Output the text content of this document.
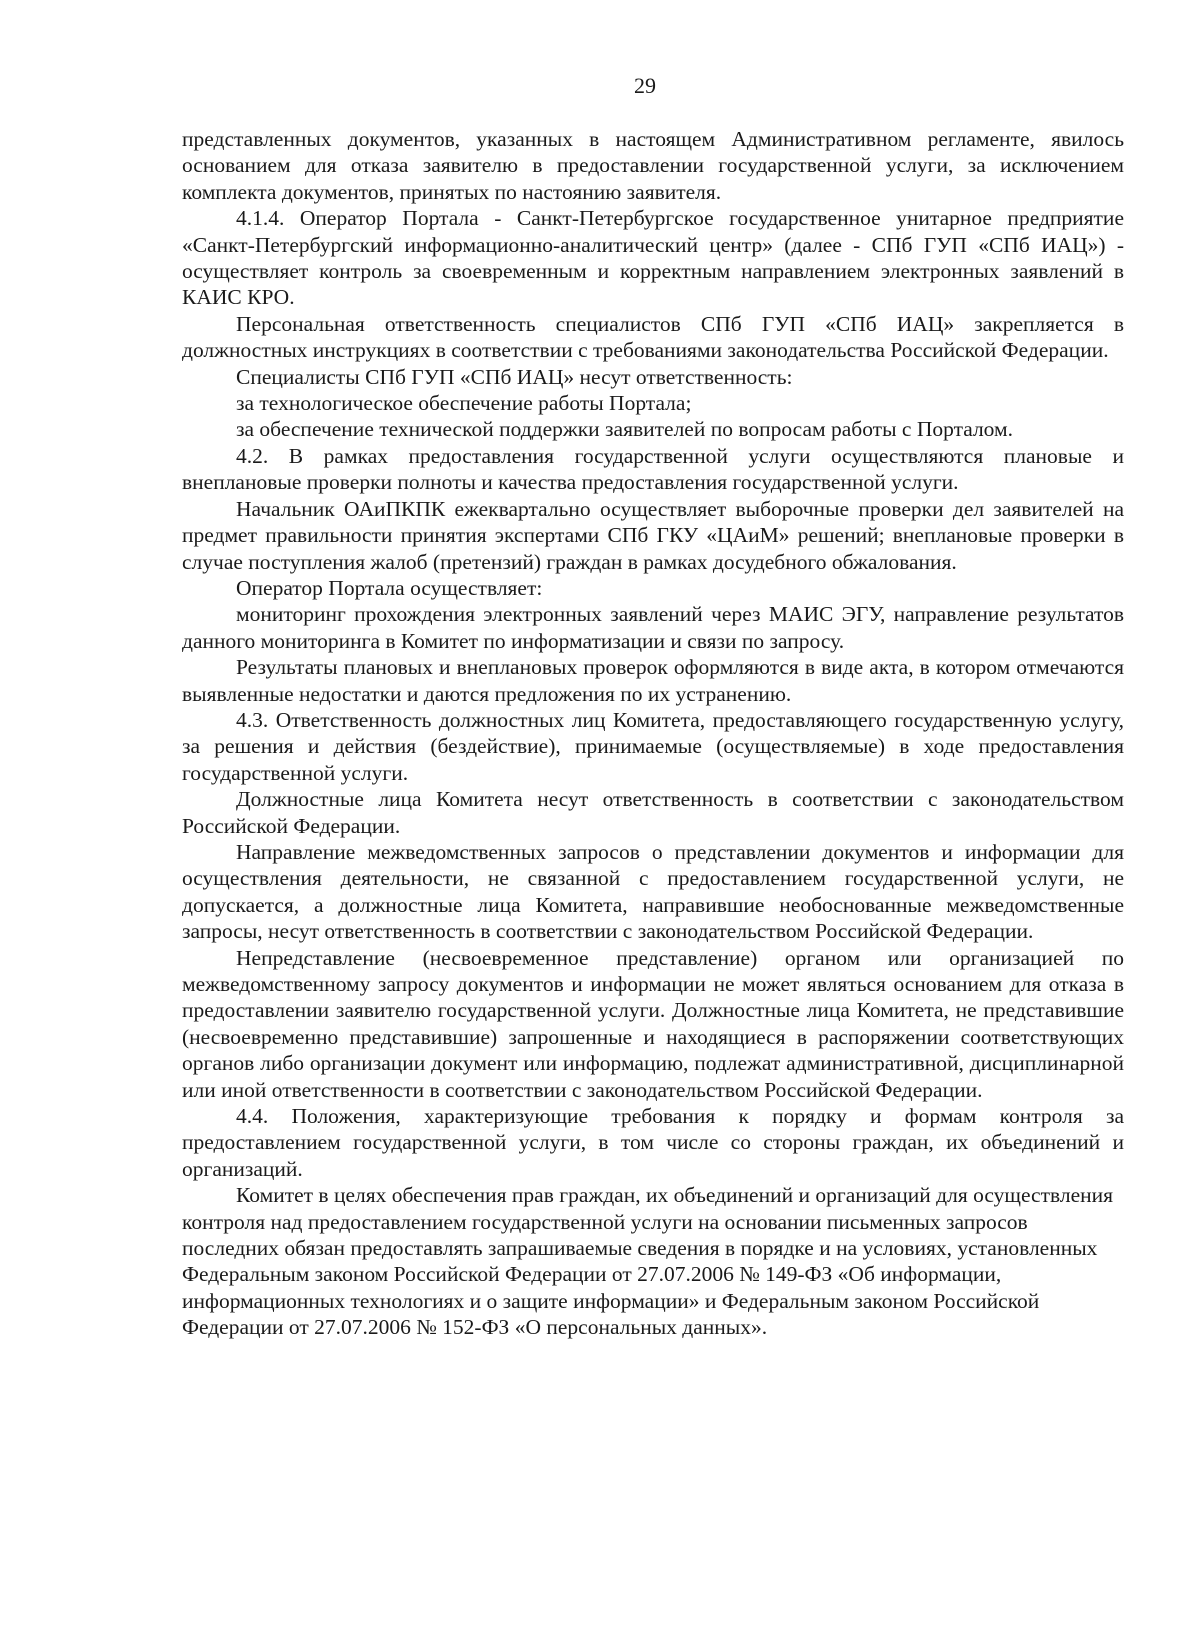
29

представленных документов, указанных в настоящем Административном регламенте, явилось основанием для отказа заявителю в предоставлении государственной услуги, за исключением комплекта документов, принятых по настоянию заявителя.

4.1.4. Оператор Портала - Санкт-Петербургское государственное унитарное предприятие «Санкт-Петербургский информационно-аналитический центр» (далее - СПб ГУП «СПб ИАЦ») - осуществляет контроль за своевременным и корректным направлением электронных заявлений в КАИС КРО.

Персональная ответственность специалистов СПб ГУП «СПб ИАЦ» закрепляется в должностных инструкциях в соответствии с требованиями законодательства Российской Федерации.

Специалисты СПб ГУП «СПб ИАЦ» несут ответственность:

за технологическое обеспечение работы Портала;

за обеспечение технической поддержки заявителей по вопросам работы с Порталом.

4.2. В рамках предоставления государственной услуги осуществляются плановые и внеплановые проверки полноты и качества предоставления государственной услуги.

Начальник ОАиПКПК ежеквартально осуществляет выборочные проверки дел заявителей на предмет правильности принятия экспертами СПб ГКУ «ЦАиМ» решений; внеплановые проверки в случае поступления жалоб (претензий) граждан в рамках досудебного обжалования.

Оператор Портала осуществляет:

мониторинг прохождения электронных заявлений через МАИС ЭГУ, направление результатов данного мониторинга в Комитет по информатизации и связи по запросу.

Результаты плановых и внеплановых проверок оформляются в виде акта, в котором отмечаются выявленные недостатки и даются предложения по их устранению.

4.3. Ответственность должностных лиц Комитета, предоставляющего государственную услугу, за решения и действия (бездействие), принимаемые (осуществляемые) в ходе предоставления государственной услуги.

Должностные лица Комитета несут ответственность в соответствии с законодательством Российской Федерации.

Направление межведомственных запросов о представлении документов и информации для осуществления деятельности, не связанной с предоставлением государственной услуги, не допускается, а должностные лица Комитета, направившие необоснованные межведомственные запросы, несут ответственность в соответствии с законодательством Российской Федерации.

Непредставление (несвоевременное представление) органом или организацией по межведомственному запросу документов и информации не может являться основанием для отказа в предоставлении заявителю государственной услуги. Должностные лица Комитета, не представившие (несвоевременно представившие) запрошенные и находящиеся в распоряжении соответствующих органов либо организации документ или информацию, подлежат административной, дисциплинарной или иной ответственности в соответствии с законодательством Российской Федерации.

4.4. Положения, характеризующие требования к порядку и формам контроля за предоставлением государственной услуги, в том числе со стороны граждан, их объединений и организаций.

Комитет в целях обеспечения прав граждан, их объединений и организаций для осуществления контроля над предоставлением государственной услуги на основании письменных запросов последних обязан предоставлять запрашиваемые сведения в порядке и на условиях, установленных Федеральным законом Российской Федерации от 27.07.2006 № 149-ФЗ «Об информации, информационных технологиях и о защите информации» и Федеральным законом Российской Федерации от 27.07.2006 № 152-ФЗ «О персональных данных».
